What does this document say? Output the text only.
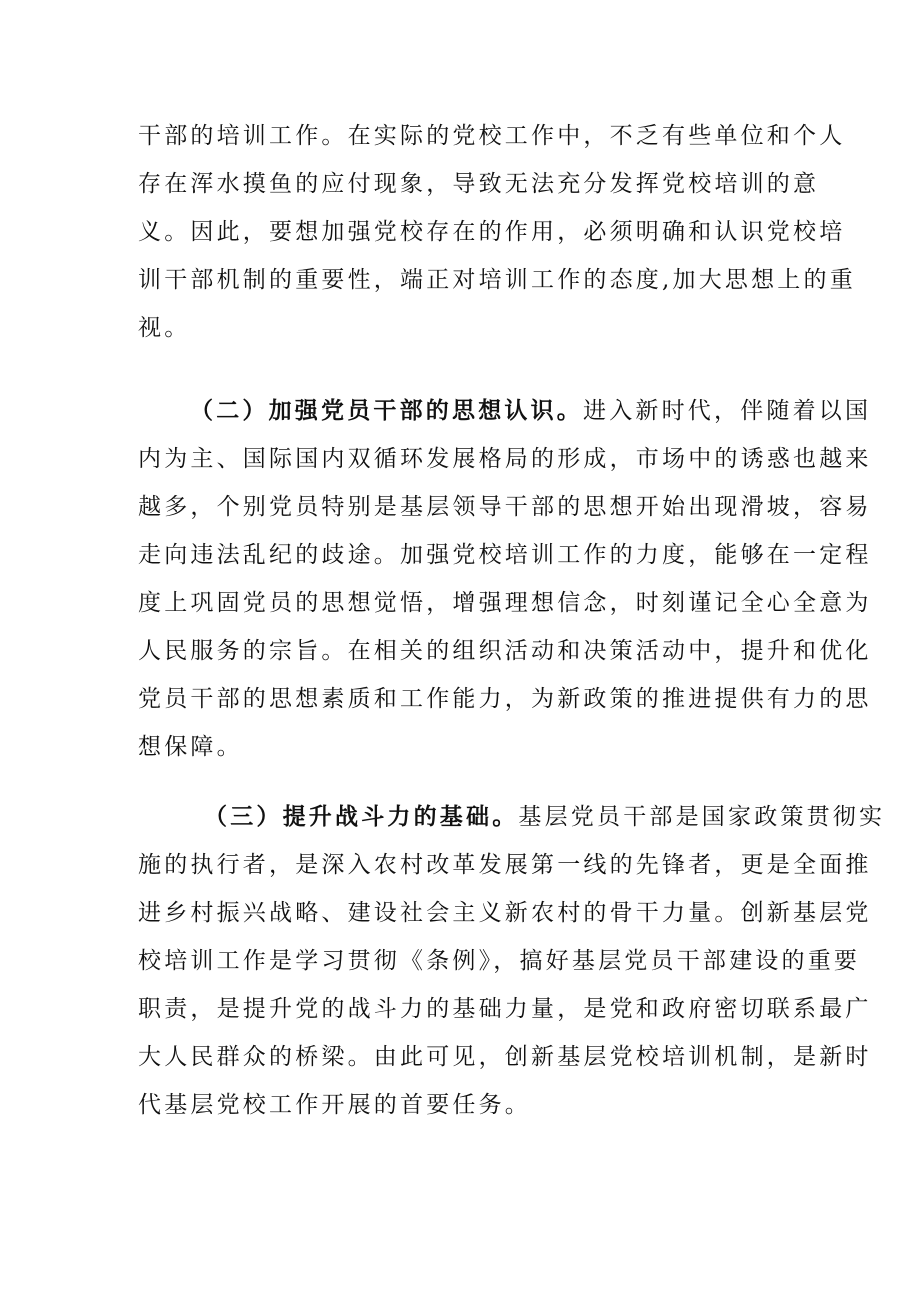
干部的培训工作。在实际的党校工作中，不乏有些单位和个人
存在浑水摸鱼的应付现象，导致无法充分发挥党校培训的意
义。因此，要想加强党校存在的作用，必须明确和认识党校培
训干部机制的重要性，端正对培训工作的态度,加大思想上的重
视。
（二）加强党员干部的思想认识。进入新时代，伴随着以国
内为主、国际国内双循环发展格局的形成，市场中的诱惑也越来
越多，个别党员特别是基层领导干部的思想开始出现滑坡，容易
走向违法乱纪的歧途。加强党校培训工作的力度，能够在一定程
度上巩固党员的思想觉悟，增强理想信念，时刻谨记全心全意为
人民服务的宗旨。在相关的组织活动和决策活动中，提升和优化
党员干部的思想素质和工作能力，为新政策的推进提供有力的思
想保障。
（三）提升战斗力的基础。基层党员干部是国家政策贯彻实
施的执行者，是深入农村改革发展第一线的先锋者，更是全面推
进乡村振兴战略、建设社会主义新农村的骨干力量。创新基层党
校培训工作是学习贯彻《条例》，搞好基层党员干部建设的重要
职责，是提升党的战斗力的基础力量，是党和政府密切联系最广
大人民群众的桥梁。由此可见，创新基层党校培训机制，是新时
代基层党校工作开展的首要任务。
